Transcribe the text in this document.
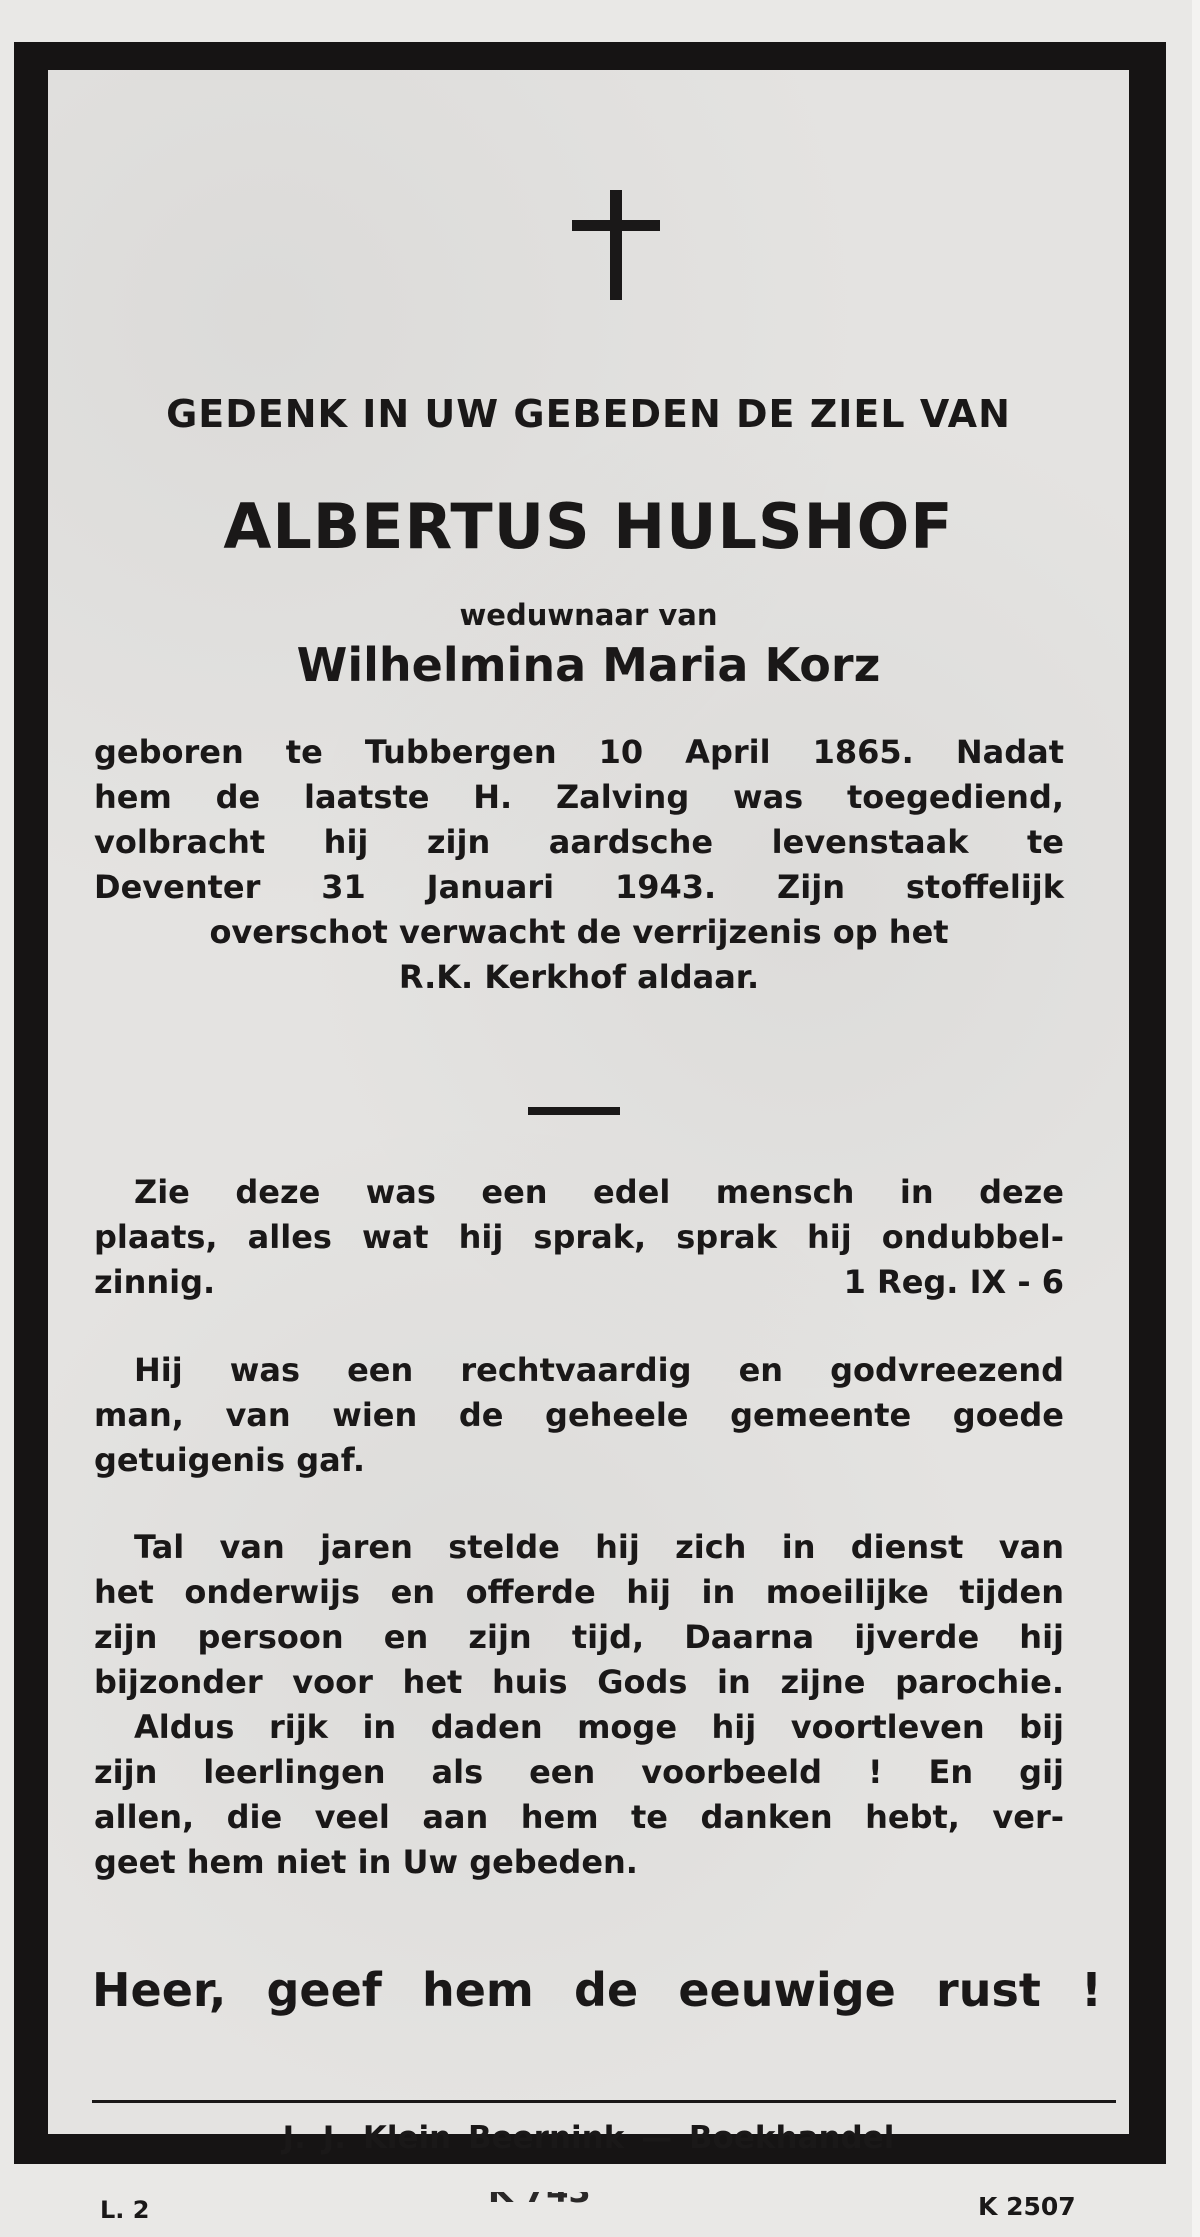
GEDENK IN UW GEBEDEN DE ZIEL VAN
ALBERTUS HULSHOF
weduwnaar van
Wilhelmina Maria Korz
geboren te Tubbergen 10 April 1865. Nadat
hem de laatste H. Zalving was toegediend,
volbracht hij zijn aardsche levenstaak te
Deventer 31 Januari 1943. Zijn stoffelijk
overschot verwacht de verrijzenis op het
R.K. Kerkhof aldaar.
Zie deze was een edel mensch in deze
plaats, alles wat hij sprak, sprak hij ondubbel-
zinnig.	1 Reg. IX - 6
Hij was een rechtvaardig en godvreezend
man, van wien de geheele gemeente goede
getuigenis gaf.
Tal van jaren stelde hij zich in dienst van
het onderwijs en offerde hij in moeilijke tijden
zijn persoon en zijn tijd, Daarna ijverde hij
bijzonder voor het huis Gods in zijne parochie.
Aldus rijk in daden moge hij voortleven bij
zijn leerlingen als een voorbeeld ! En gij
allen, die veel aan hem te danken hebt, ver-
geet hem niet in Uw gebeden.
Heer, geef hem de eeuwige rust !
J. J. Klein Beernink — Boekhandel
L. 2	K 2507
